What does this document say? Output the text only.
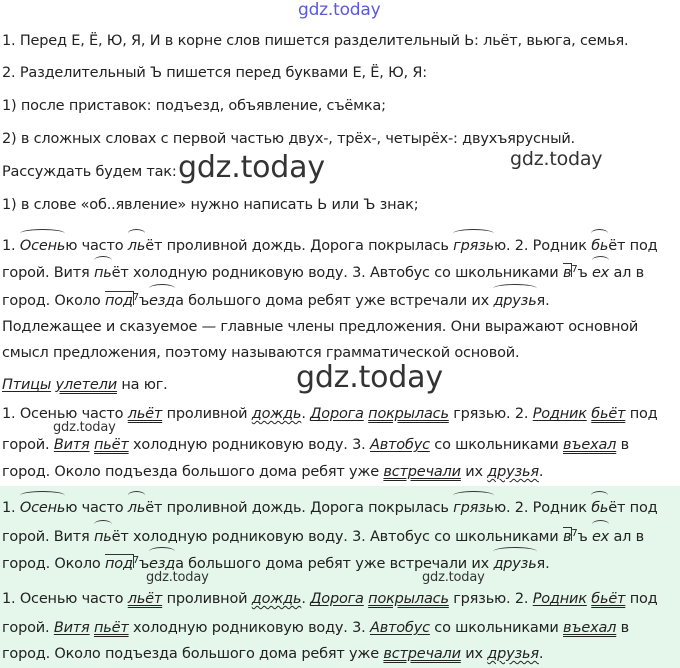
gdz.today
1. Перед Е, Ё, Ю, Я, И в корне слов пишется разделительный Ь: льёт, вьюга, семья.
2. Разделительный Ъ пишется перед буквами Е, Ё, Ю, Я:
1) после приставок: подъезд, объявление, съёмка;
2) в сложных словах с первой частью двух-, трёх-, четырёх-: двухъярусный.
Рассуждать будем так: gdz.today	gdz.today
1) в слове «об..явление» нужно написать Ь или Ъ знак;
1. Осенью часто льёт проливной дождь. Дорога покрылась грязью. 2. Родник бьёт под
горой. Витя пьёт холодную родниковую воду. 3. Автобус со школьниками $в^7ъ$ ех ал в
город. Около под$^7$ъезда большого дома ребят уже встречали их друзья.
Подлежащее и сказуемое — главные члены предложения. Они выражают основной
смысл предложения, поэтому называются грамматической основой.
Птицы улетели на юг.	gdz.today
1. Осенью часто льёт проливной дождь. Дорога покрылась грязью. 2. Родник бьёт под
gdz.today
горой. Витя пьёт холодную родниковую воду. 3. Автобус со школьниками въехал в
город. Около подъезда большого дома ребят уже встречали их друзья.
1. Осенью часто льёт проливной дождь. Дорога покрылась грязью. 2. Родник бьёт под
горой. Витя пьёт холодную родниковую воду. 3. Автобус со школьниками $в^7ъ$ ех ал в
город. Около под$^7$ъезда большого дома ребят уже встречали их друзья.
gdz.today	gdz.today
1. Осенью часто льёт проливной дождь. Дорога покрылась грязью. 2. Родник бьёт под
горой. Витя пьёт холодную родниковую воду. 3. Автобус со школьниками въехал в
город. Около подъезда большого дома ребят уже встречали их друзья.
